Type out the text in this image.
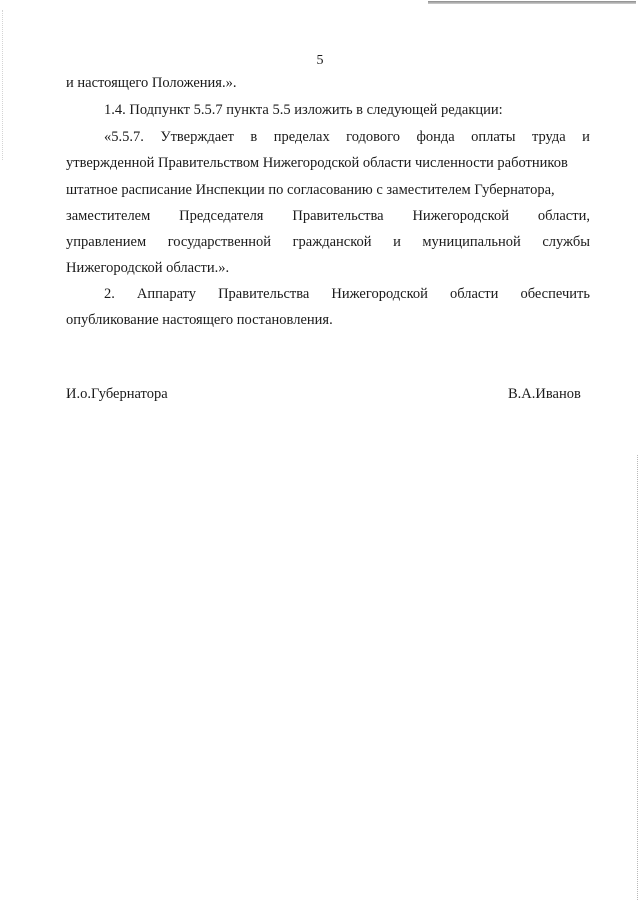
5
и настоящего Положения.».
1.4. Подпункт 5.5.7 пункта 5.5 изложить в следующей редакции:
«5.5.7. Утверждает в пределах годового фонда оплаты труда и
утвержденной Правительством Нижегородской области численности работников
штатное расписание Инспекции по согласованию с заместителем Губернатора,
заместителем Председателя Правительства Нижегородской области,
управлением государственной гражданской и муниципальной службы
Нижегородской области.».
2. Аппарату Правительства Нижегородской области обеспечить
опубликование настоящего постановления.
И.о.Губернатора	В.А.Иванов
